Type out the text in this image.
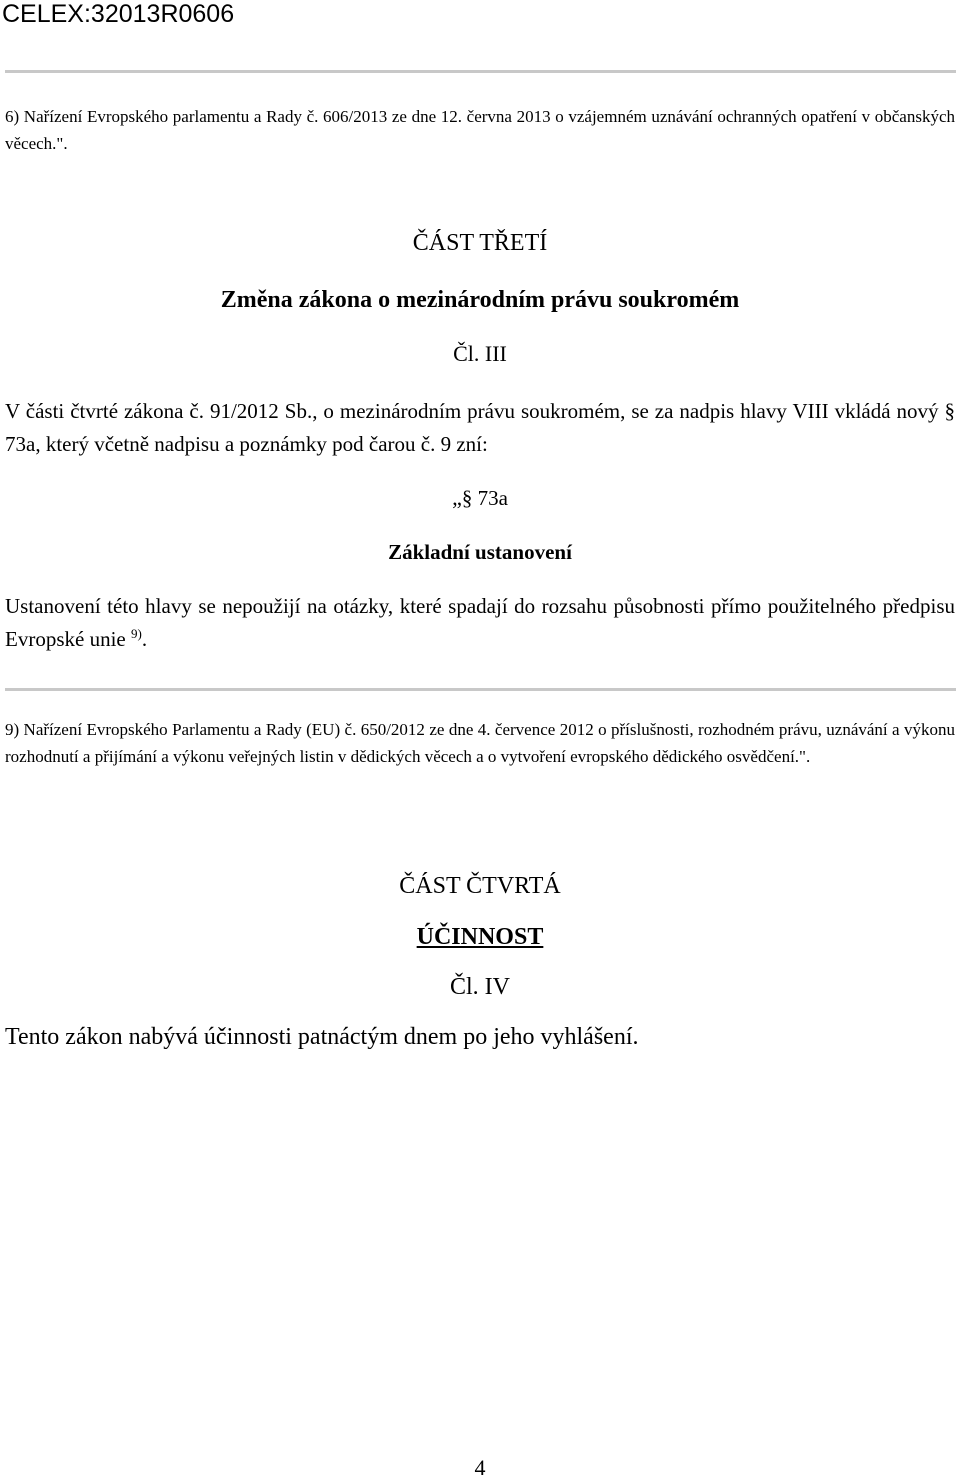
CELEX:32013R0606

6) Nařízení Evropského parlamentu a Rady č. 606/2013 ze dne 12. června 2013 o vzájemném uznávání ochranných opatření v občanských věcech.".

ČÁST TŘETÍ
Změna zákona o mezinárodním právu soukromém
Čl. III

V části čtvrté zákona č. 91/2012 Sb., o mezinárodním právu soukromém, se za nadpis hlavy VIII vkládá nový § 73a, který včetně nadpisu a poznámky pod čarou č. 9 zní:

„§ 73a
Základní ustanovení

Ustanovení této hlavy se nepoužijí na otázky, které spadají do rozsahu působnosti přímo použitelného předpisu Evropské unie $^{9)}$.

9) Nařízení Evropského Parlamentu a Rady (EU) č. 650/2012 ze dne 4. července 2012 o příslušnosti, rozhodném právu, uznávání a výkonu rozhodnutí a přijímání a výkonu veřejných listin v dědických věcech a o vytvoření evropského dědického osvědčení.".

ČÁST ČTVRTÁ
ÚČINNOST
Čl. IV

Tento zákon nabývá účinnosti patnáctým dnem po jeho vyhlášení.

4
